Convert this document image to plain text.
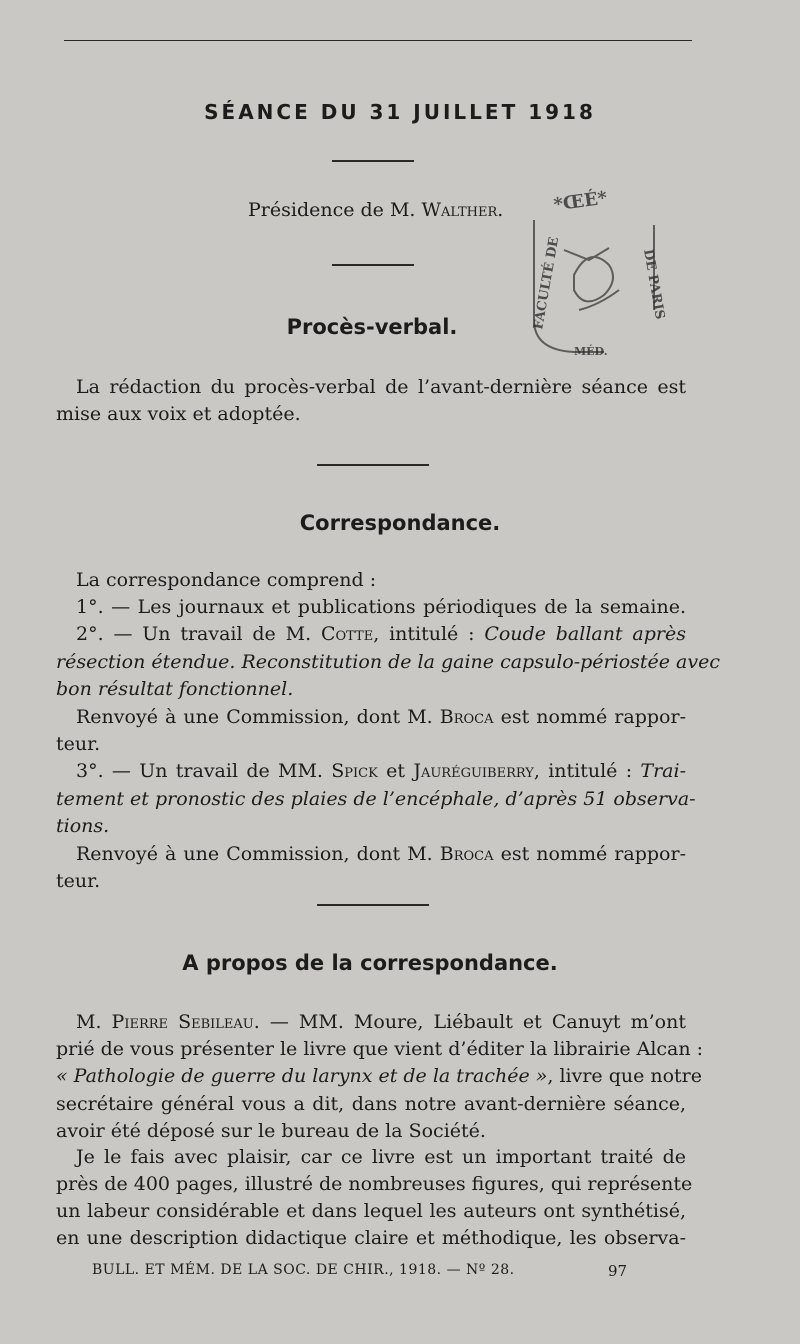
SÉANCE DU 31 JUILLET 1918
Présidence de M. Walther.	*ŒÉ*
FACULTÉ DE	DE PARIS
MÉD.
Procès-verbal.
La rédaction du procès-verbal de l’avant-dernière séance est
mise aux voix et adoptée.
Correspondance.
La correspondance comprend :
1°. — Les journaux et publications périodiques de la semaine.
2°. — Un travail de M. Cotte, intitulé : Coude ballant après
résection étendue. Reconstitution de la gaine capsulo-périostée avec
bon résultat fonctionnel.
Renvoyé à une Commission, dont M. Broca est nommé rappor-
teur.
3°. — Un travail de MM. Spick et Jauréguiberry, intitulé : Trai-
tement et pronostic des plaies de l’encéphale, d’après 51 observa-
tions.
Renvoyé à une Commission, dont M. Broca est nommé rappor-
teur.
A propos de la correspondance.
M. Pierre Sebileau. — MM. Moure, Liébault et Canuyt m’ont
prié de vous présenter le livre que vient d’éditer la librairie Alcan :
« Pathologie de guerre du larynx et de la trachée », livre que notre
secrétaire général vous a dit, dans notre avant-dernière séance,
avoir été déposé sur le bureau de la Société.
Je le fais avec plaisir, car ce livre est un important traité de
près de 400 pages, illustré de nombreuses figures, qui représente
un labeur considérable et dans lequel les auteurs ont synthétisé,
en une description didactique claire et méthodique, les observa-
BULL. ET MÉM. DE LA SOC. DE CHIR., 1918. — Nº 28.	97
